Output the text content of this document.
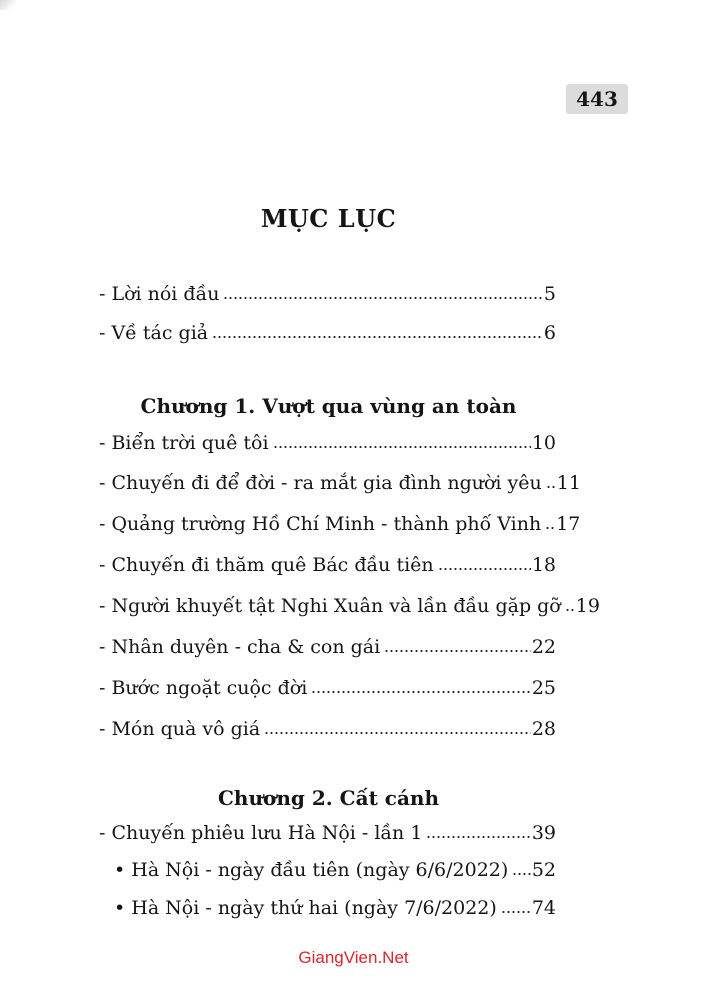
443
MỤC LỤC
- Lời nói đầu	5
- Về tác giả	6
Chương 1. Vượt qua vùng an toàn
- Biển trời quê tôi	10
- Chuyến đi để đời - ra mắt gia đình người yêu 11
- Quảng trường Hồ Chí Minh - thành phố Vinh 17
- Chuyến đi thăm quê Bác đầu tiên	18
- Người khuyết tật Nghi Xuân và lần đầu gặp gỡ 19
- Nhân duyên - cha & con gái	22
- Bước ngoặt cuộc đời	25
- Món quà vô giá	28
Chương 2. Cất cánh
- Chuyến phiêu lưu Hà Nội - lần 1	39
• Hà Nội - ngày đầu tiên (ngày 6/6/2022) 52
• Hà Nội - ngày thứ hai (ngày 7/6/2022) 74
GiangVien.Net
